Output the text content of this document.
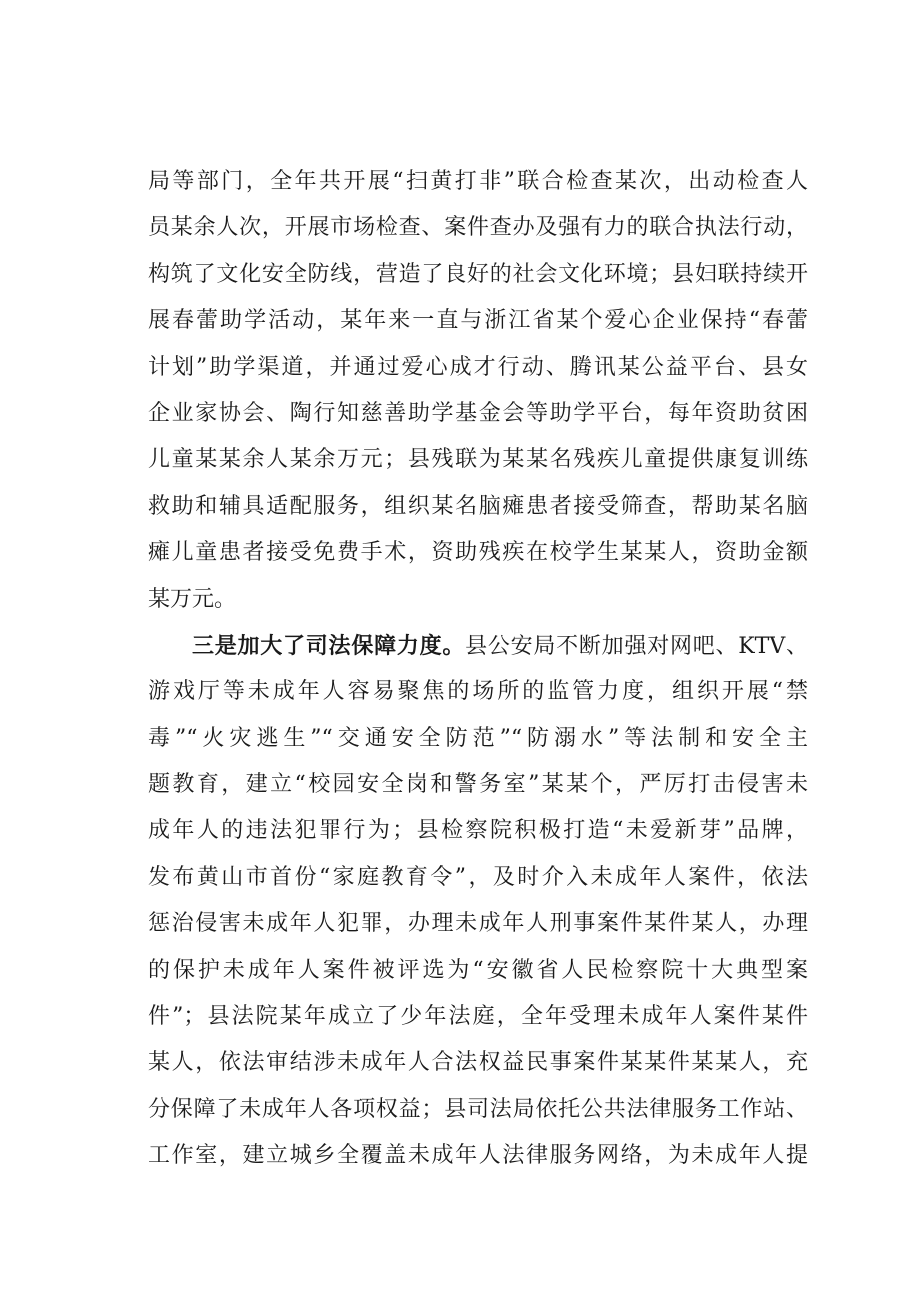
局等部门，全年共开展“扫黄打非”联合检查某次，出动检查人
员某余人次，开展市场检查、案件查办及强有力的联合执法行动，
构筑了文化安全防线，营造了良好的社会文化环境；县妇联持续开
展春蕾助学活动，某年来一直与浙江省某个爱心企业保持“春蕾
计划”助学渠道，并通过爱心成才行动、腾讯某公益平台、县女
企业家协会、陶行知慈善助学基金会等助学平台，每年资助贫困
儿童某某余人某余万元；县残联为某某名残疾儿童提供康复训练
救助和辅具适配服务，组织某名脑瘫患者接受筛查，帮助某名脑
瘫儿童患者接受免费手术，资助残疾在校学生某某人，资助金额
某万元。
三是加大了司法保障力度。县公安局不断加强对网吧、KTV、
游戏厅等未成年人容易聚焦的场所的监管力度，组织开展“禁
毒”“火灾逃生”“交通安全防范”“防溺水”等法制和安全主
题教育，建立“校园安全岗和警务室”某某个，严厉打击侵害未
成年人的违法犯罪行为；县检察院积极打造“未爱新芽”品牌，
发布黄山市首份“家庭教育令”，及时介入未成年人案件，依法
惩治侵害未成年人犯罪，办理未成年人刑事案件某件某人，办理
的保护未成年人案件被评选为“安徽省人民检察院十大典型案
件”；县法院某年成立了少年法庭，全年受理未成年人案件某件
某人，依法审结涉未成年人合法权益民事案件某某件某某人，充
分保障了未成年人各项权益；县司法局依托公共法律服务工作站、
工作室，建立城乡全覆盖未成年人法律服务网络，为未成年人提
